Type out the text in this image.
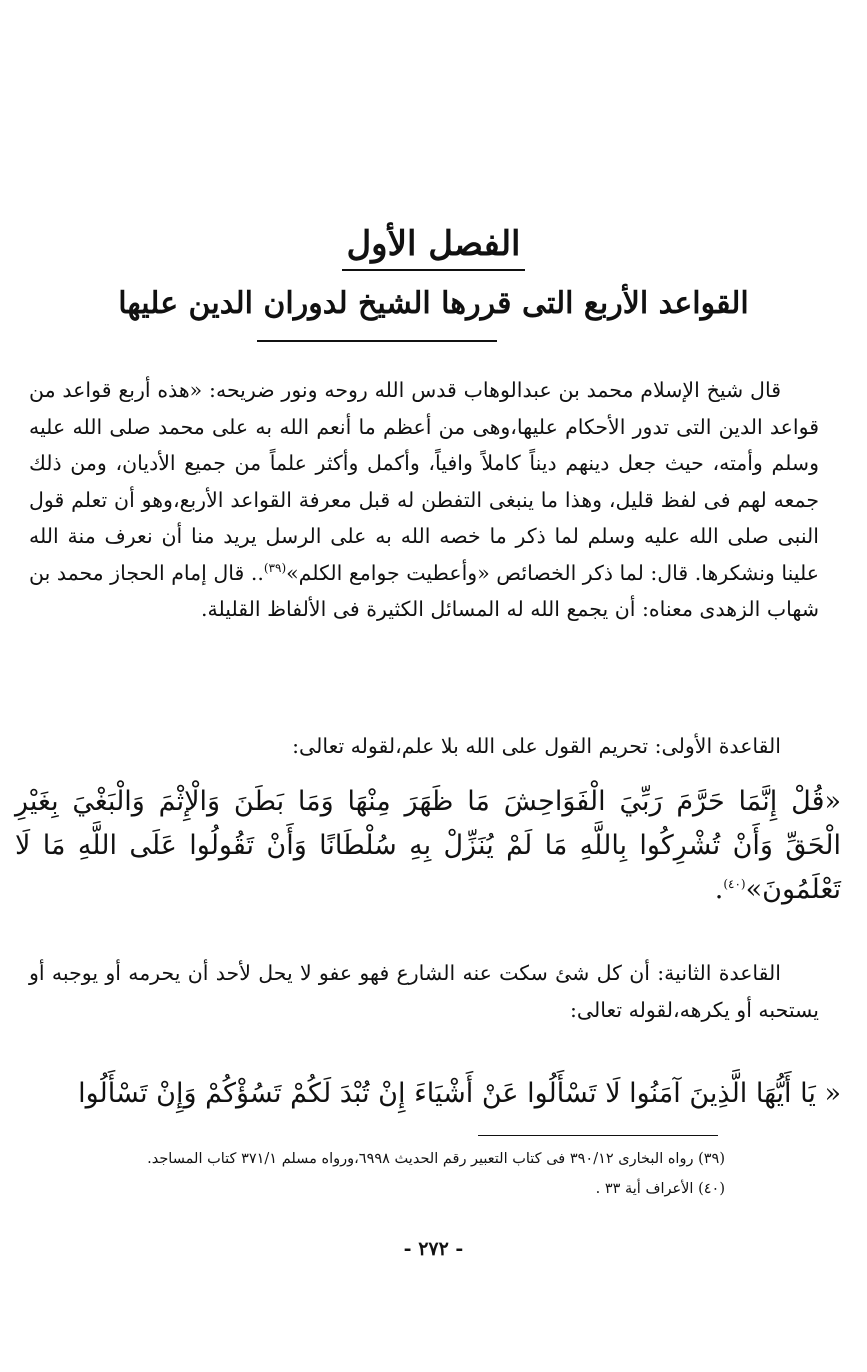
الفصل الأول
القواعد الأربع التى قررها الشيخ لدوران الدين عليها

قال شيخ الإسلام محمد بن عبدالوهاب قدس الله روحه ونور ضريحه: «هذه أربع قواعد من قواعد الدين التى تدور الأحكام عليها،وهى من أعظم ما أنعم الله به على محمد صلى الله عليه وسلم وأمته، حيث جعل دينهم ديناً كاملاً وافياً، وأكمل وأكثر علماً من جميع الأديان، ومن ذلك جمعه لهم فى لفظ قليل، وهذا ما ينبغى التفطن له قبل معرفة القواعد الأربع،وهو أن تعلم قول النبى صلى الله عليه وسلم لما ذكر ما خصه الله به على الرسل يريد منا أن نعرف منة الله علينا ونشكرها. قال: لما ذكر الخصائص «وأعطيت جوامع الكلم»$^{(٣٩)}$.. قال إمام الحجاز محمد بن شهاب الزهدى معناه: أن يجمع الله له المسائل الكثيرة فى الألفاظ القليلة.

القاعدة الأولى: تحريم القول على الله بلا علم،لقوله تعالى:

«قُلْ إِنَّمَا حَرَّمَ رَبِّيَ الْفَوَاحِشَ مَا ظَهَرَ مِنْهَا وَمَا بَطَنَ وَالْإِثْمَ وَالْبَغْيَ بِغَيْرِ الْحَقِّ وَأَنْ تُشْرِكُوا بِاللَّهِ مَا لَمْ يُنَزِّلْ بِهِ سُلْطَانًا وَأَنْ تَقُولُوا عَلَى اللَّهِ مَا لَا تَعْلَمُونَ»$^{(٤٠)}$.

القاعدة الثانية: أن كل شئ سكت عنه الشارع فهو عفو لا يحل لأحد أن يحرمه أو يوجبه أو يستحبه أو يكرهه،لقوله تعالى:

« يَا أَيُّهَا الَّذِينَ آمَنُوا لَا تَسْأَلُوا عَنْ أَشْيَاءَ إِنْ تُبْدَ لَكُمْ تَسُؤْكُمْ وَإِنْ تَسْأَلُوا

(٣٩) رواه البخارى ٣٩٠/١٢ فى كتاب التعبير رقم الحديث ٦٩٩٨،ورواه مسلم ٣٧١/١ كتاب المساجد.

(٤٠) الأعراف أية ٣٣ .

- ٢٧٢ -
